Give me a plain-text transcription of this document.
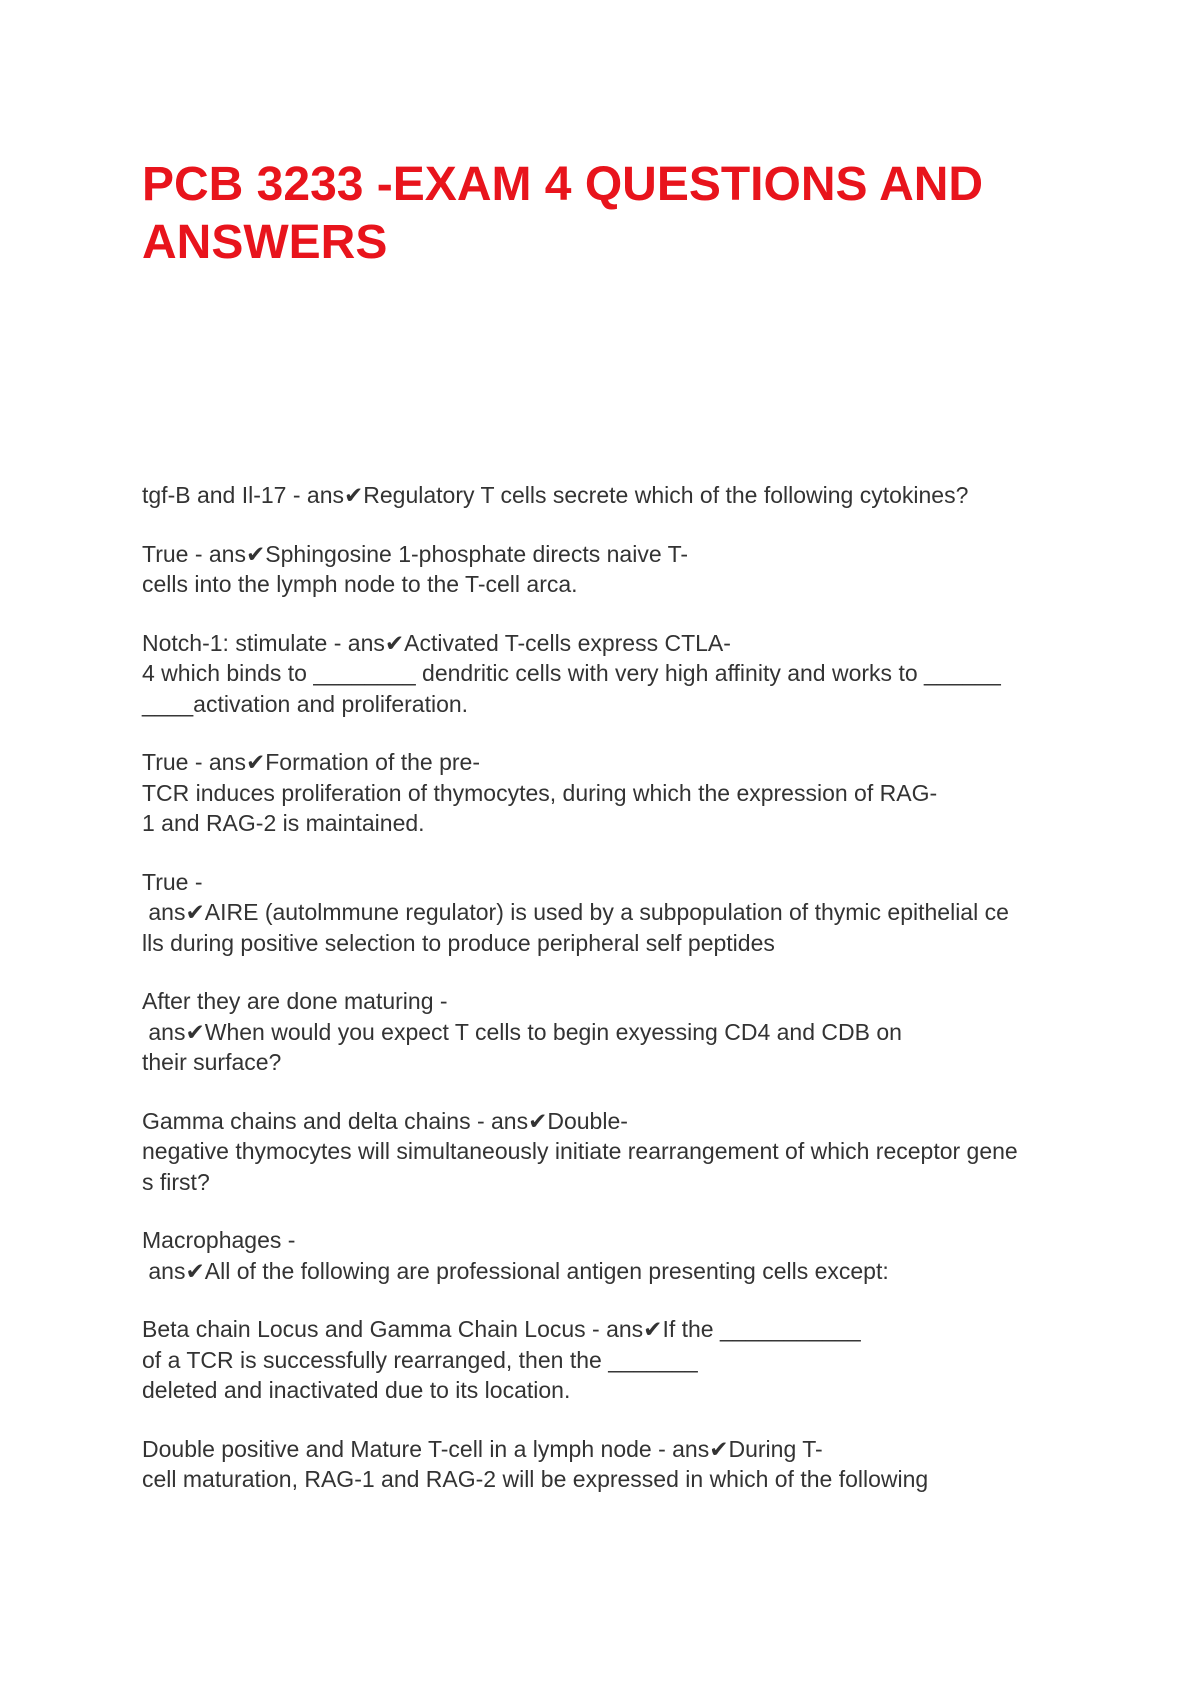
PCB 3233 -EXAM 4 QUESTIONS AND
ANSWERS

tgf-B and Il-17 - ans✔Regulatory T cells secrete which of the following cytokines?

True - ans✔Sphingosine 1-phosphate directs naive T-
cells into the lymph node to the T-cell arca.

Notch-1: stimulate - ans✔Activated T-cells express CTLA-
4 which binds to ________ dendritic cells with very high affinity and works to ______
____activation and proliferation.

True - ans✔Formation of the pre-
TCR induces proliferation of thymocytes, during which the expression of RAG-
1 and RAG-2 is maintained.

True -
ans✔AIRE (autolmmune regulator) is used by a subpopulation of thymic epithelial ce
lls during positive selection to produce peripheral self peptides

After they are done maturing -
ans✔When would you expect T cells to begin exyessing CD4 and CDB on
their surface?

Gamma chains and delta chains - ans✔Double-
negative thymocytes will simultaneously initiate rearrangement of which receptor gene
s first?

Macrophages -
ans✔All of the following are professional antigen presenting cells except:

Beta chain Locus and Gamma Chain Locus - ans✔If the ___________
of a TCR is successfully rearranged, then the _______
deleted and inactivated due to its location.

Double positive and Mature T-cell in a lymph node - ans✔During T-
cell maturation, RAG-1 and RAG-2 will be expressed in which of the following
